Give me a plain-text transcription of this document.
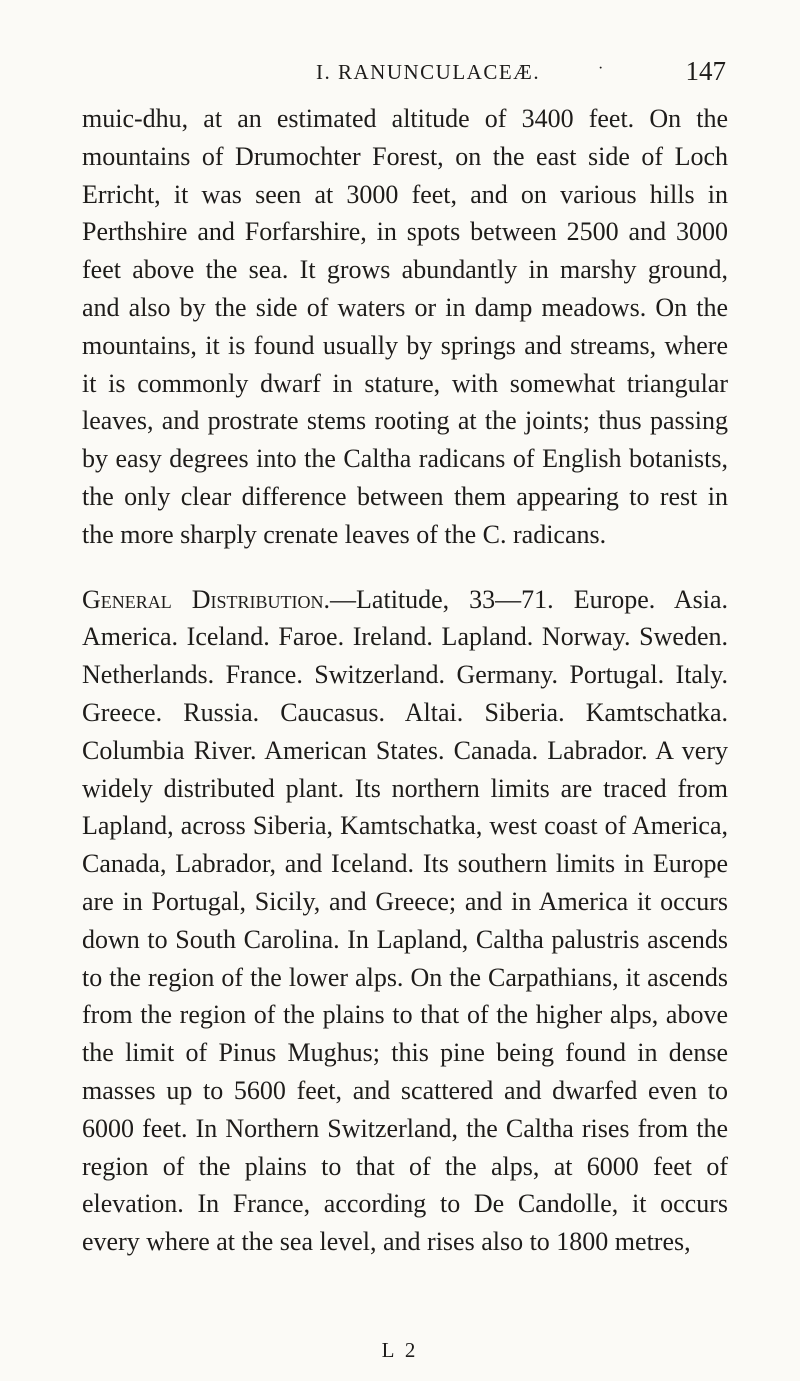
I. RANUNCULACEÆ.	·	147

muic-dhu, at an estimated altitude of 3400 feet. On the mountains of Drumochter Forest, on the east side of Loch Erricht, it was seen at 3000 feet, and on various hills in Perthshire and Forfarshire, in spots between 2500 and 3000 feet above the sea. It grows abundantly in marshy ground, and also by the side of waters or in damp meadows. On the mountains, it is found usually by springs and streams, where it is commonly dwarf in stature, with somewhat triangular leaves, and prostrate stems rooting at the joints; thus passing by easy degrees into the Caltha radicans of English botanists, the only clear difference between them appearing to rest in the more sharply crenate leaves of the C. radicans.

General Distribution.—Latitude, 33—71. Europe. Asia. America. Iceland. Faroe. Ireland. Lapland. Norway. Sweden. Netherlands. France. Switzerland. Germany. Portugal. Italy. Greece. Russia. Caucasus. Altai. Siberia. Kamtschatka. Columbia River. American States. Canada. Labrador. A very widely distributed plant. Its northern limits are traced from Lapland, across Siberia, Kamtschatka, west coast of America, Canada, Labrador, and Iceland. Its southern limits in Europe are in Portugal, Sicily, and Greece; and in America it occurs down to South Carolina. In Lapland, Caltha palustris ascends to the region of the lower alps. On the Carpathians, it ascends from the region of the plains to that of the higher alps, above the limit of Pinus Mughus; this pine being found in dense masses up to 5600 feet, and scattered and dwarfed even to 6000 feet. In Northern Switzerland, the Caltha rises from the region of the plains to that of the alps, at 6000 feet of elevation. In France, according to De Candolle, it occurs every where at the sea level, and rises also to 1800 metres,

L 2
